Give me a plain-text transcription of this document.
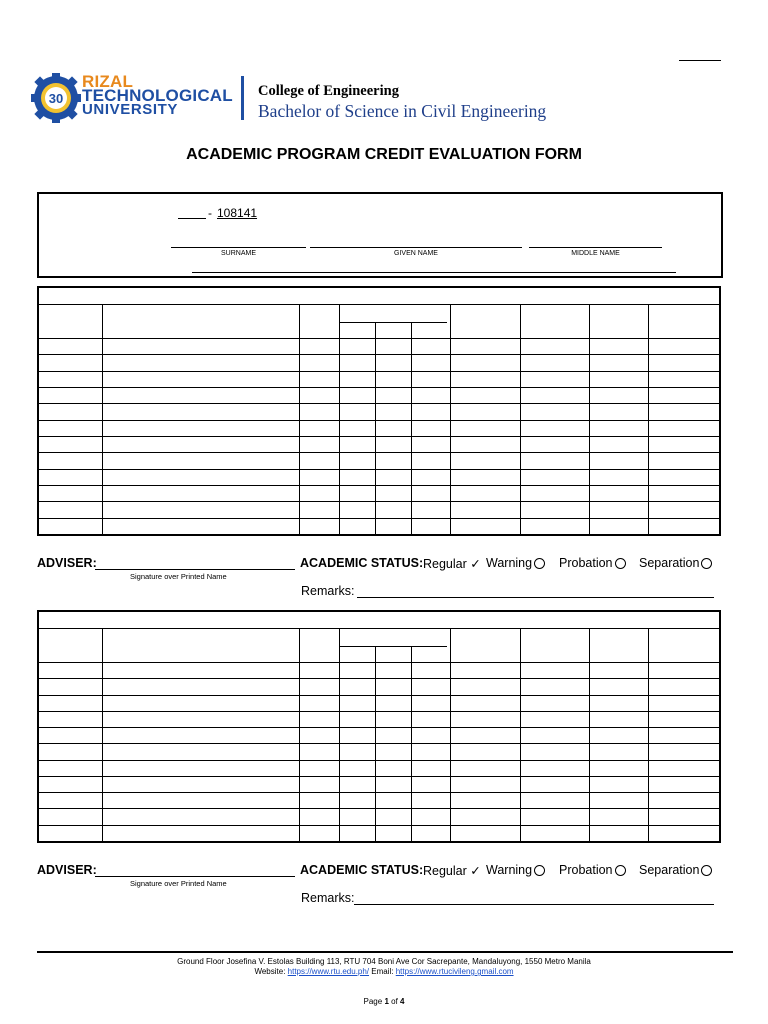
30
RIZAL
TECHNOLOGICAL
UNIVERSITY
College of Engineering
Bachelor of Science in Civil Engineering
ACADEMIC PROGRAM CREDIT EVALUATION FORM
- 108141
SURNAME	GIVEN NAME	MIDDLE NAME
ADVISER:
Signature over Printed Name
ACADEMIC STATUS: Regular ✓ Warning	Probation	Separation
Remarks:
ADVISER:
Signature over Printed Name
ACADEMIC STATUS: Regular ✓ Warning	Probation	Separation
Remarks:
Ground Floor Josefina V. Estolas Building 113, RTU 704 Boni Ave Cor Sacrepante, Mandaluyong, 1550 Metro Manila
Website: https://www.rtu.edu.ph/ Email: https://www.rtucivileng.gmail.com
Page 1 of 4
